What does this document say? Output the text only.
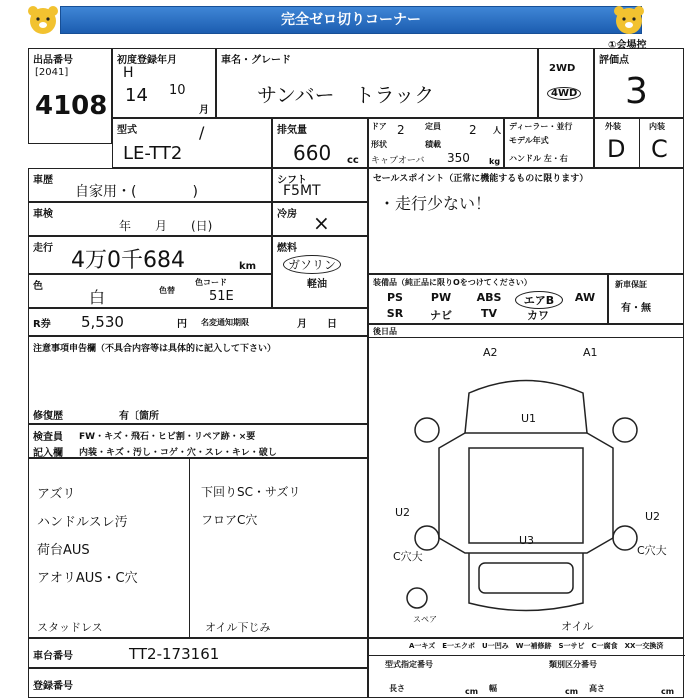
完全ゼロ切りコーナー
出品番号
[2041]
4108
初度登録年月
H
14 10
月
車名・グレード
サンバー　トラック
2WD
4WD
評価点
3
①会場控
型式	/
LE-TT2
排気量
660 cc
ドア 2	定員 2 人
形状	積載
キャブオーバ 350 kg
ディーラー・並行
モデル年式
ハンドル 左・右
外装	内装
D C
車歴
自家用・(　　　　)
シフト
F5MT
車検
年　　月　　(日)
冷房 ×
走行 4万0千684	km
燃料
ガソリン
軽油
色
白	色替
色コード
51E
R券 5,530	円 名変通知期限	月　　日
セールスポイント（正常に機能するものに限ります）
・走行少ない！
装備品（純正品に限りOをつけてください）
PS	PW	ABS	エアB	AW
SR	ナビ	TV	カワ
新車保証
有・無
後日品
注意事項申告欄（不具合内容等は具体的に記入して下さい）
修復歴	有〔箇所
検査員 FW・キズ・飛石・ヒビ割・リペア跡・×要
記入欄 内装・キズ・汚し・コゲ・穴・スレ・キレ・破し
アズリ
ハンドルスレ汚
荷台AUS
アオリAUS・C穴
スタッドレス
下回りSC・サズリ
フロアC穴
オイル下じみ
車台番号	TT2-173161
登録番号
A2	A1
U1
U2	U2
C穴大
U3
C穴大
スペア
オイル
A一キズ　E一エクボ　U一凹み　W一補修跡　S一サビ　C一腐食　XX一交換済
型式指定番号	類別区分番号
長さ	幅	高さ
cm	cm	cm
